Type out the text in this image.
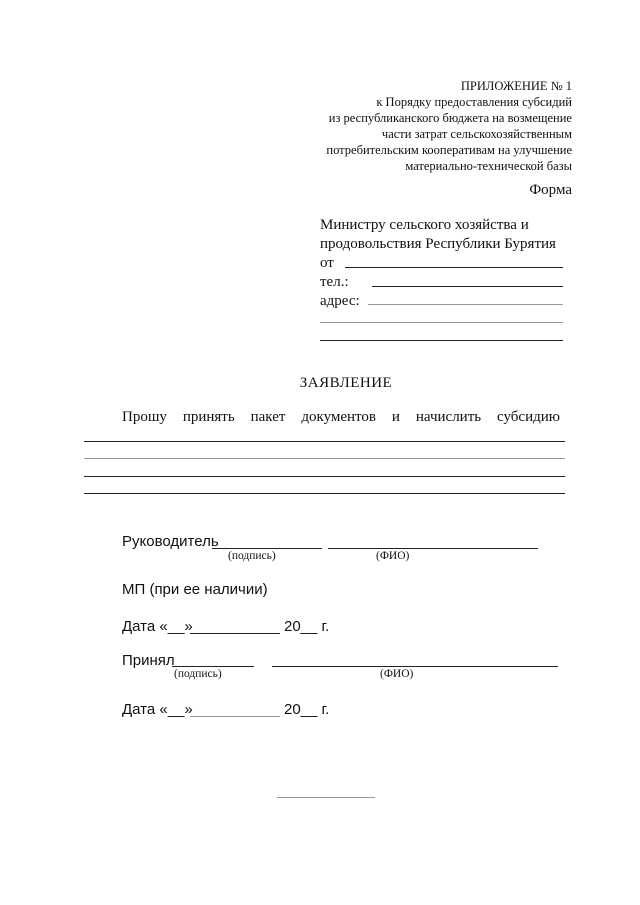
ПРИЛОЖЕНИЕ № 1
к Порядку предоставления субсидий
из республиканского бюджета на возмещение
части затрат сельскохозяйственным
потребительским кооперативам на улучшение
материально-технической базы
Форма
Министру сельского хозяйства и
продовольствия Республики Бурятия
от
тел.:
адрес:
ЗАЯВЛЕНИЕ
Прошу принять пакет документов и начислить субсидию
Руководитель
(подпись)	(ФИО)
МП (при ее наличии)
Дата «__»	20__ г.
Принял
(подпись)	(ФИО)
Дата «__»	20__ г.
